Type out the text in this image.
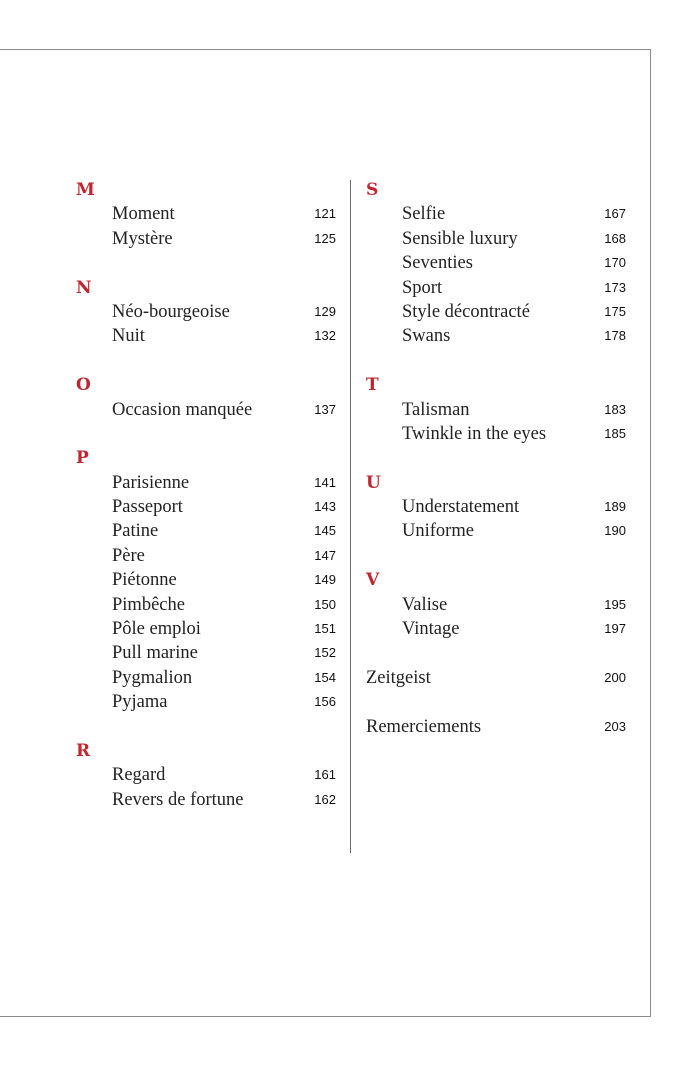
M
Moment	121
Mystère	125
N
Néo-bourgeoise	129
Nuit	132
O
Occasion manquée	137
P
Parisienne	141
Passeport	143
Patine	145
Père	147
Piétonne	149
Pimbêche	150
Pôle emploi	151
Pull marine	152
Pygmalion	154
Pyjama	156
R
Regard	161
Revers de fortune	162
S
Selfie	167
Sensible luxury	168
Seventies	170
Sport	173
Style décontracté	175
Swans	178
T
Talisman	183
Twinkle in the eyes	185
U
Understatement	189
Uniforme	190
V
Valise	195
Vintage	197
Zeitgeist	200
Remerciements	203
